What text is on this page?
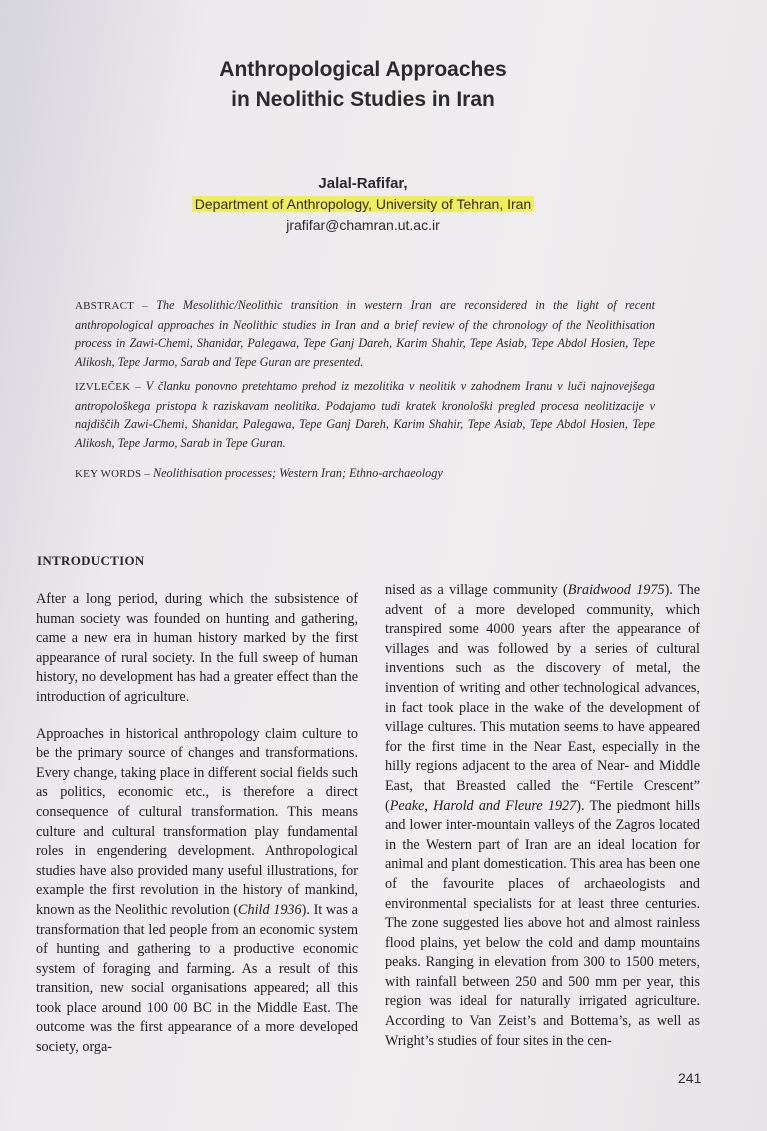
Anthropological Approaches
in Neolithic Studies in Iran
Jalal-Rafifar,
Department of Anthropology, University of Tehran, Iran
jrafifar@chamran.ut.ac.ir
ABSTRACT – The Mesolithic/Neolithic transition in western Iran are reconsidered in the light of recent anthropological approaches in Neolithic studies in Iran and a brief review of the chronology of the Neolithisation process in Zawi-Chemi, Shanidar, Palegawa, Tepe Ganj Dareh, Karim Shahir, Tepe Asiab, Tepe Abdol Hosien, Tepe Alikosh, Tepe Jarmo, Sarab and Tepe Guran are presented.
IZVLEČEK – V članku ponovno pretehtamo prehod iz mezolitika v neolitik v zahodnem Iranu v luči najnovejšega antropološkega pristopa k raziskavam neolitika. Podajamo tudi kratek kronološki pregled procesa neolitizacije v najdiščih Zawi-Chemi, Shanidar, Palegawa, Tepe Ganj Dareh, Karim Shahir, Tepe Asiab, Tepe Abdol Hosien, Tepe Alikosh, Tepe Jarmo, Sarab in Tepe Guran.
KEY WORDS – Neolithisation processes; Western Iran; Ethno-archaeology
INTRODUCTION

After a long period, during which the subsistence of human society was founded on hunting and gathering, came a new era in human history marked by the first appearance of rural society. In the full sweep of human history, no development has had a greater effect than the introduction of agriculture.

Approaches in historical anthropology claim culture to be the primary source of changes and transformations. Every change, taking place in different social fields such as politics, economic etc., is therefore a direct consequence of cultural transformation. This means culture and cultural transformation play fundamental roles in engendering development. Anthropological studies have also provided many useful illustrations, for example the first revolution in the history of mankind, known as the Neolithic revolution (Child 1936). It was a transformation that led people from an economic system of hunting and gathering to a productive economic system of foraging and farming. As a result of this transition, new social organisations appeared; all this took place around 100 00 BC in the Middle East. The outcome was the first appearance of a more developed society, orga-

nised as a village community (Braidwood 1975). The advent of a more developed community, which transpired some 4000 years after the appearance of villages and was followed by a series of cultural inventions such as the discovery of metal, the invention of writing and other technological advances, in fact took place in the wake of the development of village cultures. This mutation seems to have appeared for the first time in the Near East, especially in the hilly regions adjacent to the area of Near- and Middle East, that Breasted called the “Fertile Crescent” (Peake, Harold and Fleure 1927). The piedmont hills and lower inter-mountain valleys of the Zagros located in the Western part of Iran are an ideal location for animal and plant domestication. This area has been one of the favourite places of archaeologists and environmental specialists for at least three centuries. The zone suggested lies above hot and almost rainless flood plains, yet below the cold and damp mountains peaks. Ranging in elevation from 300 to 1500 meters, with rainfall between 250 and 500 mm per year, this region was ideal for naturally irrigated agriculture. According to Van Zeist’s and Bottema’s, as well as Wright’s studies of four sites in the cen-

241
